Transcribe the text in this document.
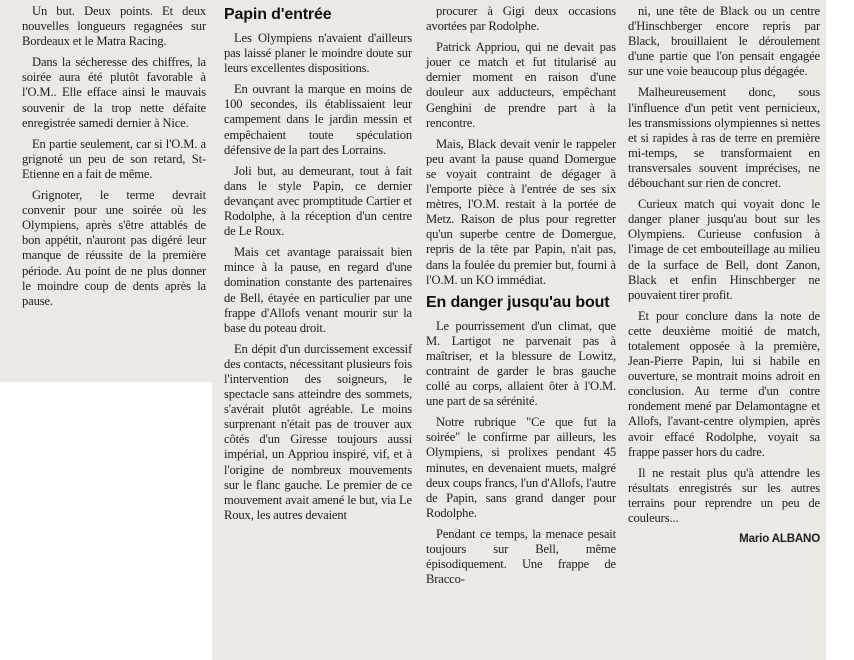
Un but. Deux points. Et deux nouvelles longueurs regagnées sur Bordeaux et le Matra Racing.

Dans la sécheresse des chiffres, la soirée aura été plutôt favorable à l'O.M.. Elle efface ainsi le mauvais souvenir de la trop nette défaite enregistrée samedi dernier à Nice.

En partie seulement, car si l'O.M. a grignoté un peu de son retard, St-Etienne en a fait de même.

Grignoter, le terme devrait convenir pour une soirée où les Olympiens, après s'être attablés de bon appétit, n'auront pas digéré leur manque de réussite de la première période. Au point de ne plus donner le moindre coup de dents après la pause.

Papin d'entrée

Les Olympiens n'avaient d'ailleurs pas laissé planer le moindre doute sur leurs excellentes dispositions.

En ouvrant la marque en moins de 100 secondes, ils établissaient leur campement dans le jardin messin et empêchaient toute spéculation défensive de la part des Lorrains.

Joli but, au demeurant, tout à fait dans le style Papin, ce dernier devançant avec promptitude Cartier et Rodolphe, à la réception d'un centre de Le Roux.

Mais cet avantage paraissait bien mince à la pause, en regard d'une domination constante des partenaires de Bell, étayée en particulier par une frappe d'Allofs venant mourir sur la base du poteau droit.

En dépit d'un durcissement excessif des contacts, nécessitant plusieurs fois l'intervention des soigneurs, le spectacle sans atteindre des sommets, s'avérait plutôt agréable. Le moins surprenant n'était pas de trouver aux côtés d'un Giresse toujours aussi impérial, un Appriou inspiré, vif, et à l'origine de nombreux mouvements sur le flanc gauche. Le premier de ce mouvement avait amené le but, via Le Roux, les autres devaient

procurer à Gigi deux occasions avortées par Rodolphe.

Patrick Appriou, qui ne devait pas jouer ce match et fut titularisé au dernier moment en raison d'une douleur aux adducteurs, empêchant Genghini de prendre part à la rencontre.

Mais, Black devait venir le rappeler peu avant la pause quand Domergue se voyait contraint de dégager à l'emporte pièce à l'entrée de ses six mètres, l'O.M. restait à la portée de Metz. Raison de plus pour regretter qu'un superbe centre de Domergue, repris de la tête par Papin, n'ait pas, dans la foulée du premier but, fourni à l'O.M. un KO immédiat.

En danger jusqu'au bout

Le pourrissement d'un climat, que M. Lartigot ne parvenait pas à maîtriser, et la blessure de Lowitz, contraint de garder le bras gauche collé au corps, allaient ôter à l'O.M. une part de sa sérénité.

Notre rubrique "Ce que fut la soirée" le confirme par ailleurs, les Olympiens, si prolixes pendant 45 minutes, en devenaient muets, malgré deux coups francs, l'un d'Allofs, l'autre de Papin, sans grand danger pour Rodolphe.

Pendant ce temps, la menace pesait toujours sur Bell, même épisodiquement. Une frappe de Bracco-

ni, une tête de Black ou un centre d'Hinschberger encore repris par Black, brouillaient le déroulement d'une partie que l'on pensait engagée sur une voie beaucoup plus dégagée.

Malheureusement donc, sous l'influence d'un petit vent pernicieux, les transmissions olympiennes si nettes et si rapides à ras de terre en première mi-temps, se transformaient en transversales souvent imprécises, ne débouchant sur rien de concret.

Curieux match qui voyait donc le danger planer jusqu'au bout sur les Olympiens. Curieuse confusion à l'image de cet embouteillage au milieu de la surface de Bell, dont Zanon, Black et enfin Hinschberger ne pouvaient tirer profit.

Et pour conclure dans la note de cette deuxième moitié de match, totalement opposée à la première, Jean-Pierre Papin, lui si habile en ouverture, se montrait moins adroit en conclusion. Au terme d'un contre rondement mené par Delamontagne et Allofs, l'avant-centre olympien, après avoir effacé Rodolphe, voyait sa frappe passer hors du cadre.

Il ne restait plus qu'à attendre les résultats enregistrés sur les autres terrains pour reprendre un peu de couleurs...

Mario ALBANO
